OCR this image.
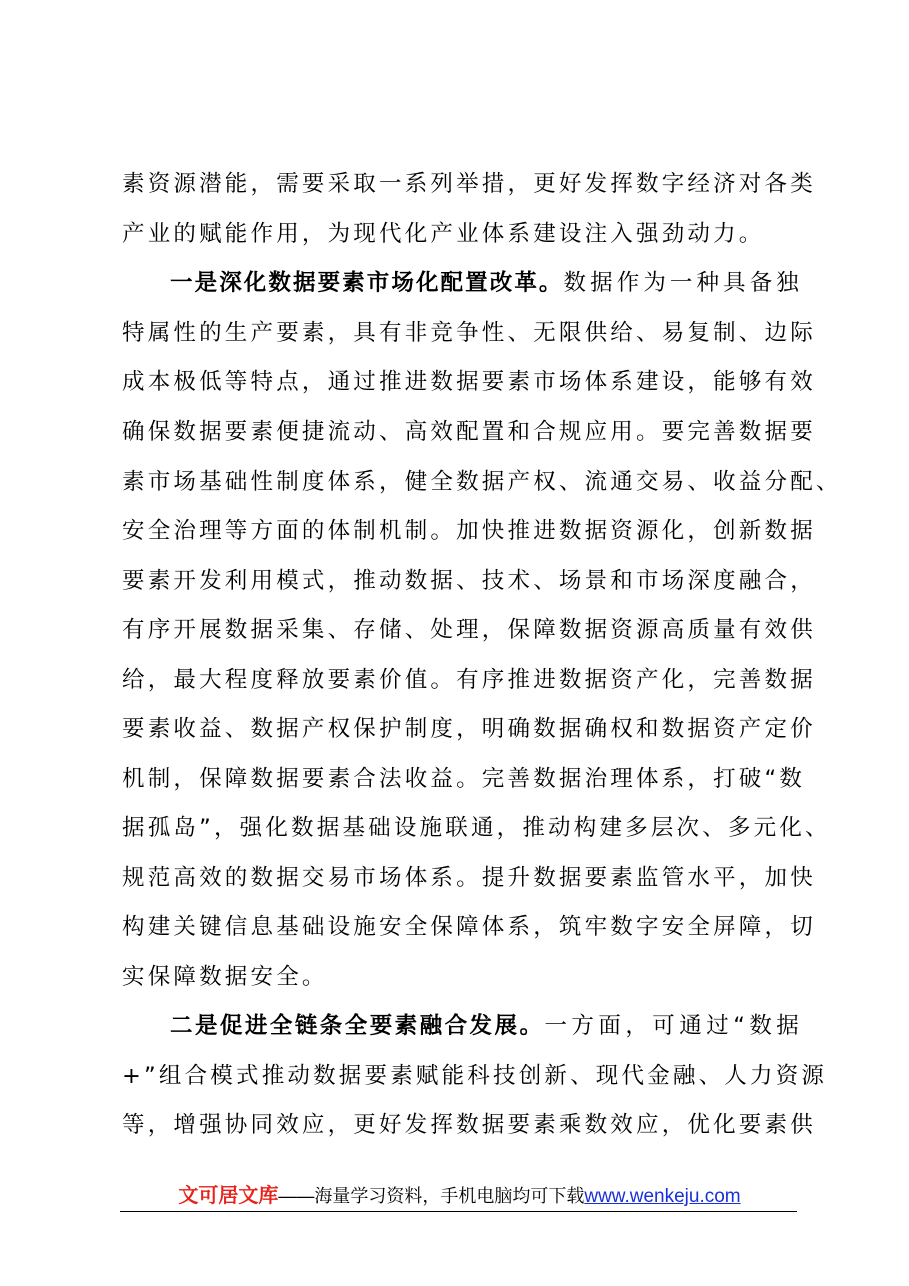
素资源潜能，需要采取一系列举措，更好发挥数字经济对各类
产业的赋能作用，为现代化产业体系建设注入强劲动力。
一是深化数据要素市场化配置改革。数据作为一种具备独
特属性的生产要素，具有非竞争性、无限供给、易复制、边际
成本极低等特点，通过推进数据要素市场体系建设，能够有效
确保数据要素便捷流动、高效配置和合规应用。要完善数据要
素市场基础性制度体系，健全数据产权、流通交易、收益分配、
安全治理等方面的体制机制。加快推进数据资源化，创新数据
要素开发利用模式，推动数据、技术、场景和市场深度融合，
有序开展数据采集、存储、处理，保障数据资源高质量有效供
给，最大程度释放要素价值。有序推进数据资产化，完善数据
要素收益、数据产权保护制度，明确数据确权和数据资产定价
机制，保障数据要素合法收益。完善数据治理体系，打破“数
据孤岛”，强化数据基础设施联通，推动构建多层次、多元化、
规范高效的数据交易市场体系。提升数据要素监管水平，加快
构建关键信息基础设施安全保障体系，筑牢数字安全屏障，切
实保障数据安全。
二是促进全链条全要素融合发展。一方面，可通过“数据
+”组合模式推动数据要素赋能科技创新、现代金融、人力资源
等，增强协同效应，更好发挥数据要素乘数效应，优化要素供
文可居文库——海量学习资料，手机电脑均可下载www.wenkeju.com
